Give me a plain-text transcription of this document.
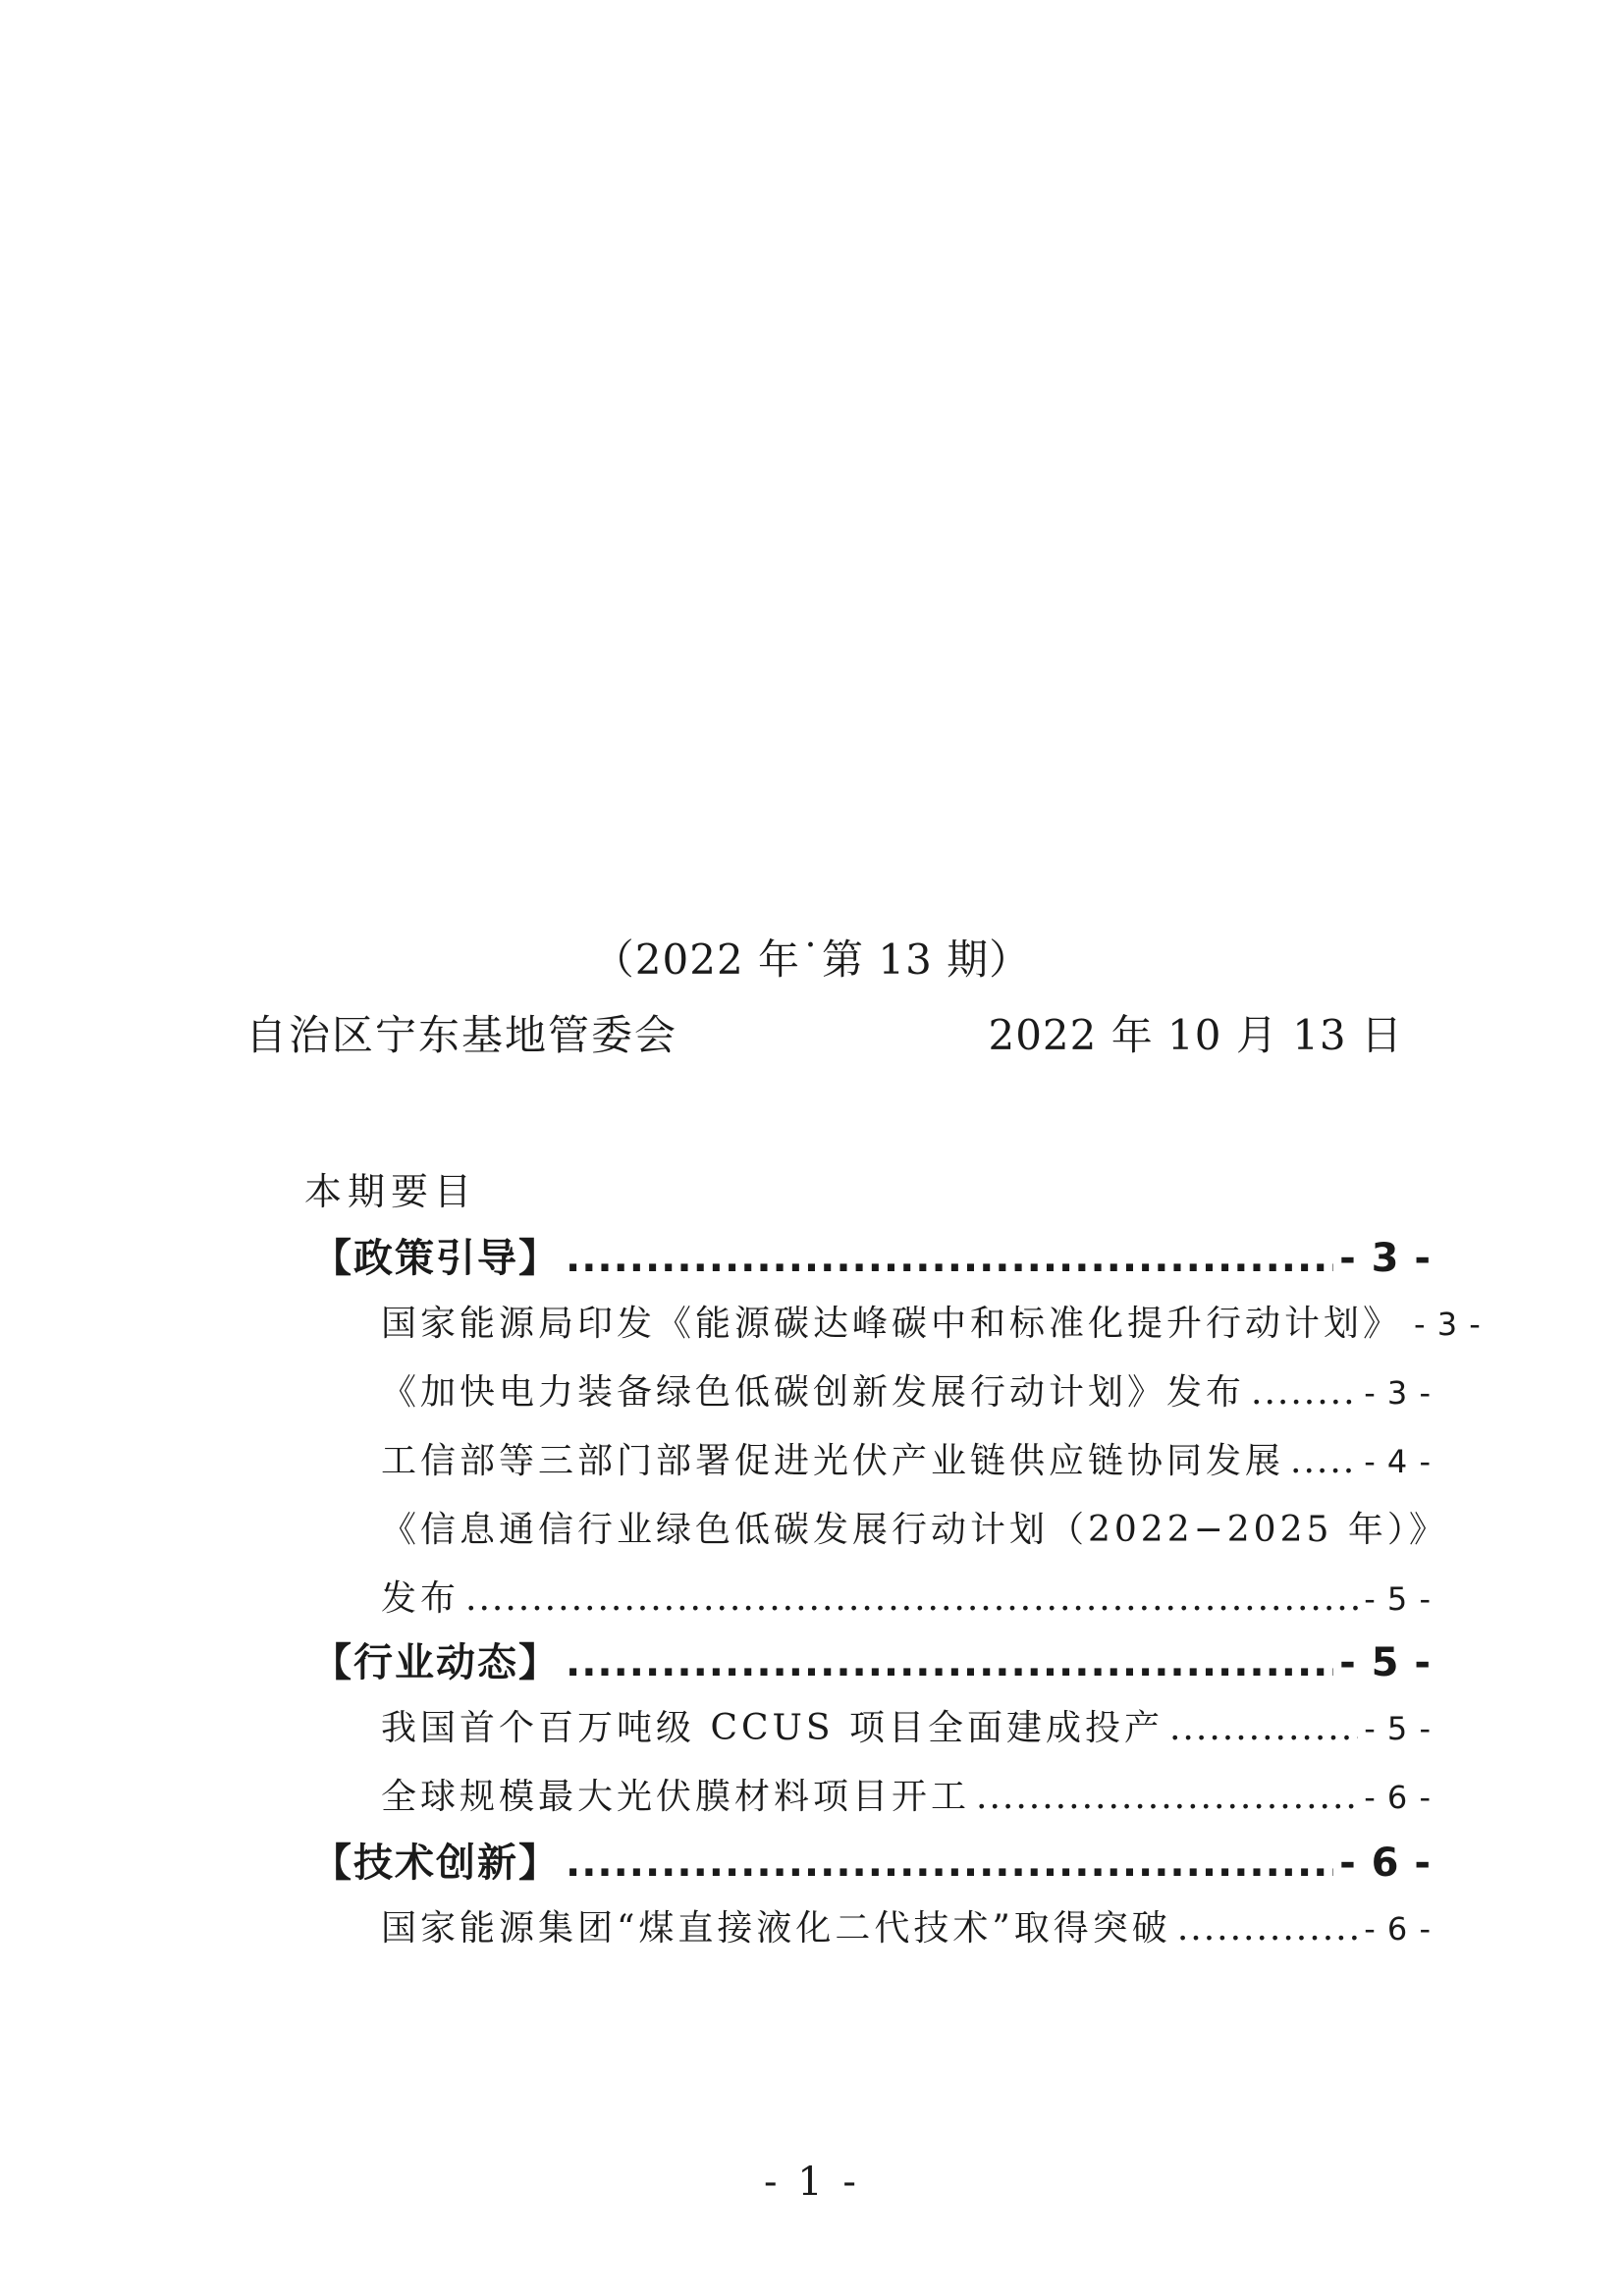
（2022 年˙第 13 期）
自治区宁东基地管委会	2022 年 10 月 13 日
本期要目
【政策引导】 .....	- 3 -
国家能源局印发《能源碳达峰碳中和标准化提升行动计划》 - 3 -
《加快电力装备绿色低碳创新发展行动计划》发布 .....	- 3 -
工信部等三部门部署促进光伏产业链供应链协同发展 .....	- 4 -
《信息通信行业绿色低碳发展行动计划（2022−2025 年）》
发布 .....	- 5 -
【行业动态】 .....	- 5 -
我国首个百万吨级 CCUS 项目全面建成投产 .....	- 5 -
全球规模最大光伏膜材料项目开工 .....	- 6 -
【技术创新】 .....	- 6 -
国家能源集团“煤直接液化二代技术”取得突破 .....	- 6 -
- 1 -
